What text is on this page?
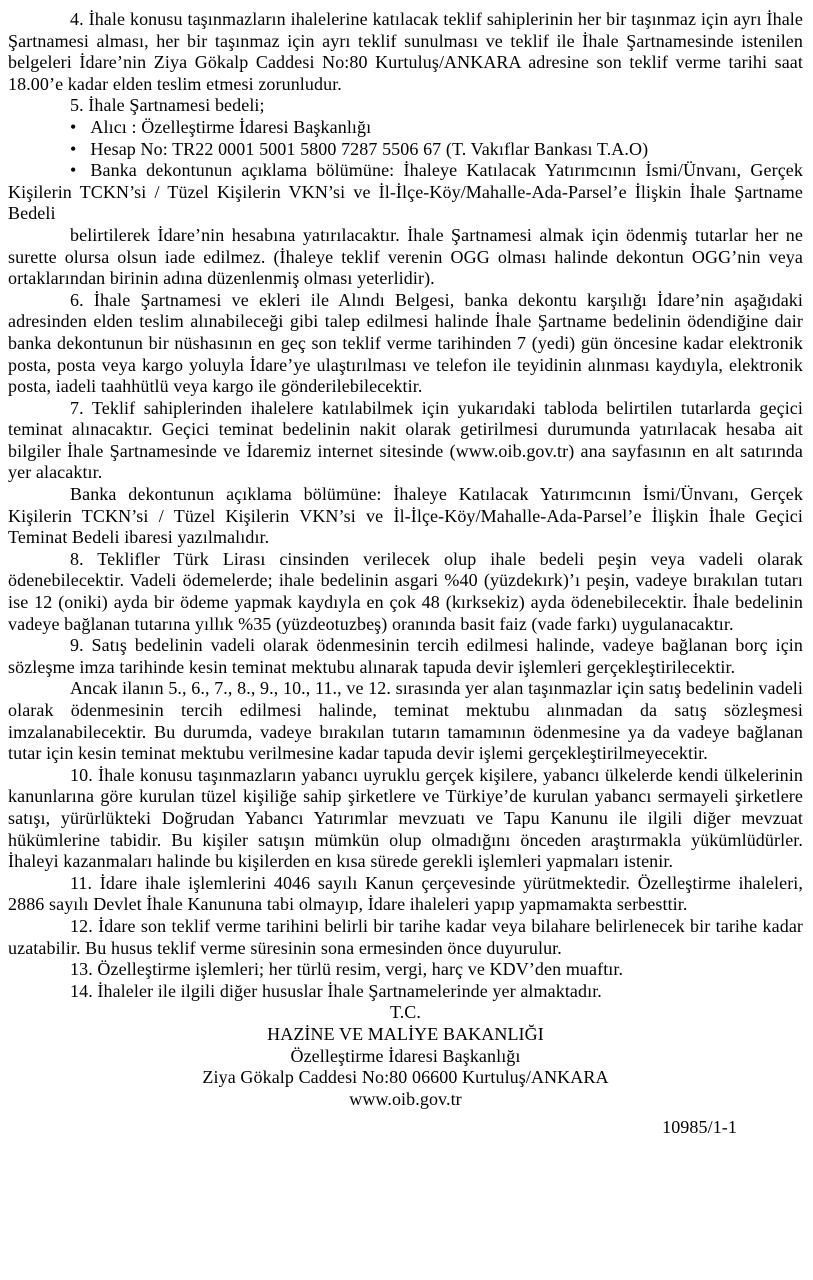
4. İhale konusu taşınmazların ihalelerine katılacak teklif sahiplerinin her bir taşınmaz için ayrı İhale Şartnamesi alması, her bir taşınmaz için ayrı teklif sunulması ve teklif ile İhale Şartnamesinde istenilen belgeleri İdare’nin Ziya Gökalp Caddesi No:80 Kurtuluş/ANKARA adresine son teklif verme tarihi saat 18.00’e kadar elden teslim etmesi zorunludur.

5. İhale Şartnamesi bedeli;

• Alıcı : Özelleştirme İdaresi Başkanlığı

• Hesap No: TR22 0001 5001 5800 7287 5506 67 (T. Vakıflar Bankası T.A.O)

• Banka dekontunun açıklama bölümüne: İhaleye Katılacak Yatırımcının İsmi/Ünvanı, Gerçek Kişilerin TCKN’si / Tüzel Kişilerin VKN’si ve İl-İlçe-Köy/Mahalle-Ada-Parsel’e İlişkin İhale Şartname Bedeli

belirtilerek İdare’nin hesabına yatırılacaktır. İhale Şartnamesi almak için ödenmiş tutarlar her ne surette olursa olsun iade edilmez. (İhaleye teklif verenin OGG olması halinde dekontun OGG’nin veya ortaklarından birinin adına düzenlenmiş olması yeterlidir).

6. İhale Şartnamesi ve ekleri ile Alındı Belgesi, banka dekontu karşılığı İdare’nin aşağıdaki adresinden elden teslim alınabileceği gibi talep edilmesi halinde İhale Şartname bedelinin ödendiğine dair banka dekontunun bir nüshasının en geç son teklif verme tarihinden 7 (yedi) gün öncesine kadar elektronik posta, posta veya kargo yoluyla İdare’ye ulaştırılması ve telefon ile teyidinin alınması kaydıyla, elektronik posta, iadeli taahhütlü veya kargo ile gönderilebilecektir.

7. Teklif sahiplerinden ihalelere katılabilmek için yukarıdaki tabloda belirtilen tutarlarda geçici teminat alınacaktır. Geçici teminat bedelinin nakit olarak getirilmesi durumunda yatırılacak hesaba ait bilgiler İhale Şartnamesinde ve İdaremiz internet sitesinde (www.oib.gov.tr) ana sayfasının en alt satırında yer alacaktır.

Banka dekontunun açıklama bölümüne: İhaleye Katılacak Yatırımcının İsmi/Ünvanı, Gerçek Kişilerin TCKN’si / Tüzel Kişilerin VKN’si ve İl-İlçe-Köy/Mahalle-Ada-Parsel’e İlişkin İhale Geçici Teminat Bedeli ibaresi yazılmalıdır.

8. Teklifler Türk Lirası cinsinden verilecek olup ihale bedeli peşin veya vadeli olarak ödenebilecektir. Vadeli ödemelerde; ihale bedelinin asgari %40 (yüzdekırk)’ı peşin, vadeye bırakılan tutarı ise 12 (oniki) ayda bir ödeme yapmak kaydıyla en çok 48 (kırksekiz) ayda ödenebilecektir. İhale bedelinin vadeye bağlanan tutarına yıllık %35 (yüzdeotuzbeş) oranında basit faiz (vade farkı) uygulanacaktır.

9. Satış bedelinin vadeli olarak ödenmesinin tercih edilmesi halinde, vadeye bağlanan borç için sözleşme imza tarihinde kesin teminat mektubu alınarak tapuda devir işlemleri gerçekleştirilecektir.

Ancak ilanın 5., 6., 7., 8., 9., 10., 11., ve 12. sırasında yer alan taşınmazlar için satış bedelinin vadeli olarak ödenmesinin tercih edilmesi halinde, teminat mektubu alınmadan da satış sözleşmesi imzalanabilecektir. Bu durumda, vadeye bırakılan tutarın tamamının ödenmesine ya da vadeye bağlanan tutar için kesin teminat mektubu verilmesine kadar tapuda devir işlemi gerçekleştirilmeyecektir.

10. İhale konusu taşınmazların yabancı uyruklu gerçek kişilere, yabancı ülkelerde kendi ülkelerinin kanunlarına göre kurulan tüzel kişiliğe sahip şirketlere ve Türkiye’de kurulan yabancı sermayeli şirketlere satışı, yürürlükteki Doğrudan Yabancı Yatırımlar mevzuatı ve Tapu Kanunu ile ilgili diğer mevzuat hükümlerine tabidir. Bu kişiler satışın mümkün olup olmadığını önceden araştırmakla yükümlüdürler. İhaleyi kazanmaları halinde bu kişilerden en kısa sürede gerekli işlemleri yapmaları istenir.

11. İdare ihale işlemlerini 4046 sayılı Kanun çerçevesinde yürütmektedir. Özelleştirme ihaleleri, 2886 sayılı Devlet İhale Kanununa tabi olmayıp, İdare ihaleleri yapıp yapmamakta serbesttir.

12. İdare son teklif verme tarihini belirli bir tarihe kadar veya bilahare belirlenecek bir tarihe kadar uzatabilir. Bu husus teklif verme süresinin sona ermesinden önce duyurulur.

13. Özelleştirme işlemleri; her türlü resim, vergi, harç ve KDV’den muaftır.

14. İhaleler ile ilgili diğer hususlar İhale Şartnamelerinde yer almaktadır.

T.C.

HAZİNE VE MALİYE BAKANLIĞI

Özelleştirme İdaresi Başkanlığı

Ziya Gökalp Caddesi No:80 06600 Kurtuluş/ANKARA

www.oib.gov.tr

10985/1-1
